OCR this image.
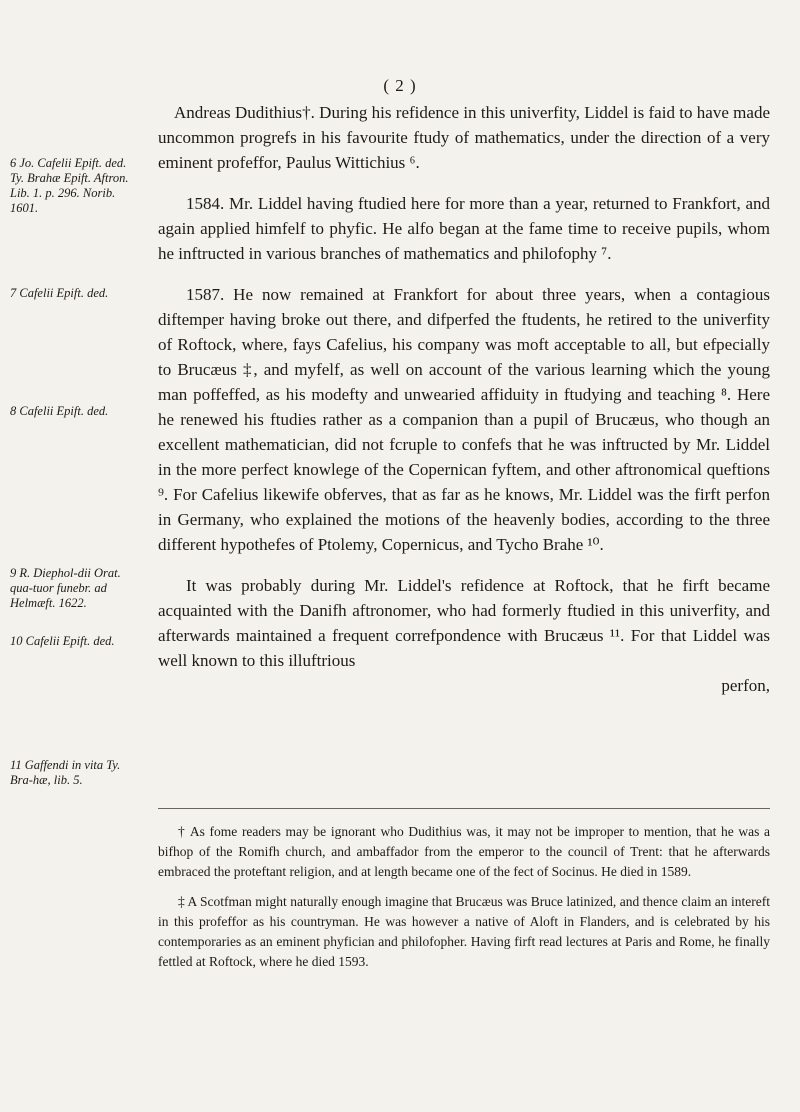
( 2 )

Andreas Dudithius†. During his refidence in this univerfity, Liddel is faid to have made uncommon progrefs in his favourite ftudy of mathematics, under the direction of a very eminent profeffor, Paulus Wittichius ⁶.

1584. Mr. Liddel having ftudied here for more than a year, returned to Frankfort, and again applied himfelf to phyfic. He alfo began at the fame time to receive pupils, whom he inftructed in various branches of mathematics and philofophy ⁷.

1587. He now remained at Frankfort for about three years, when a contagious diftemper having broke out there, and difperfed the ftudents, he retired to the univerfity of Roftock, where, fays Cafelius, his company was moft acceptable to all, but efpecially to Brucæus ‡, and myfelf, as well on account of the various learning which the young man poffeffed, as his modefty and unwearied affiduity in ftudying and teaching ⁸. Here he renewed his ftudies rather as a companion than a pupil of Brucæus, who though an excellent mathematician, did not fcruple to confefs that he was inftructed by Mr. Liddel in the more perfect knowlege of the Copernican fyftem, and other aftronomical queftions ⁹. For Cafelius likewife obferves, that as far as he knows, Mr. Liddel was the firft perfon in Germany, who explained the motions of the heavenly bodies, according to the three different hypothefes of Ptolemy, Copernicus, and Tycho Brahe ¹⁰.

It was probably during Mr. Liddel's refidence at Roftock, that he firft became acquainted with the Danifh aftronomer, who had formerly ftudied in this univerfity, and afterwards maintained a frequent correfpondence with Brucæus ¹¹. For that Liddel was well known to this illuftrious

perfon,
6 Jo. Cafelii Epift. ded. Ty. Brahæ Epift. Aftron. Lib. 1. p. 296. Norib. 1601.
7 Cafelii Epift. ded.
8 Cafelii Epift. ded.
9 R. Diephol-dii Orat. qua-tuor funebr. ad Helmæft. 1622.
10 Cafelii Epift. ded.
11 Gaffendi in vita Ty. Bra-hæ, lib. 5.

† As fome readers may be ignorant who Dudithius was, it may not be improper to mention, that he was a bifhop of the Romifh church, and ambaffador from the emperor to the council of Trent: that he afterwards embraced the proteftant religion, and at length became one of the fect of Socinus. He died in 1589.

‡ A Scotfman might naturally enough imagine that Brucæus was Bruce latinized, and thence claim an intereft in this profeffor as his countryman. He was however a native of Aloft in Flanders, and is celebrated by his contemporaries as an eminent phyfician and philofopher. Having firft read lectures at Paris and Rome, he finally fettled at Roftock, where he died 1593.
